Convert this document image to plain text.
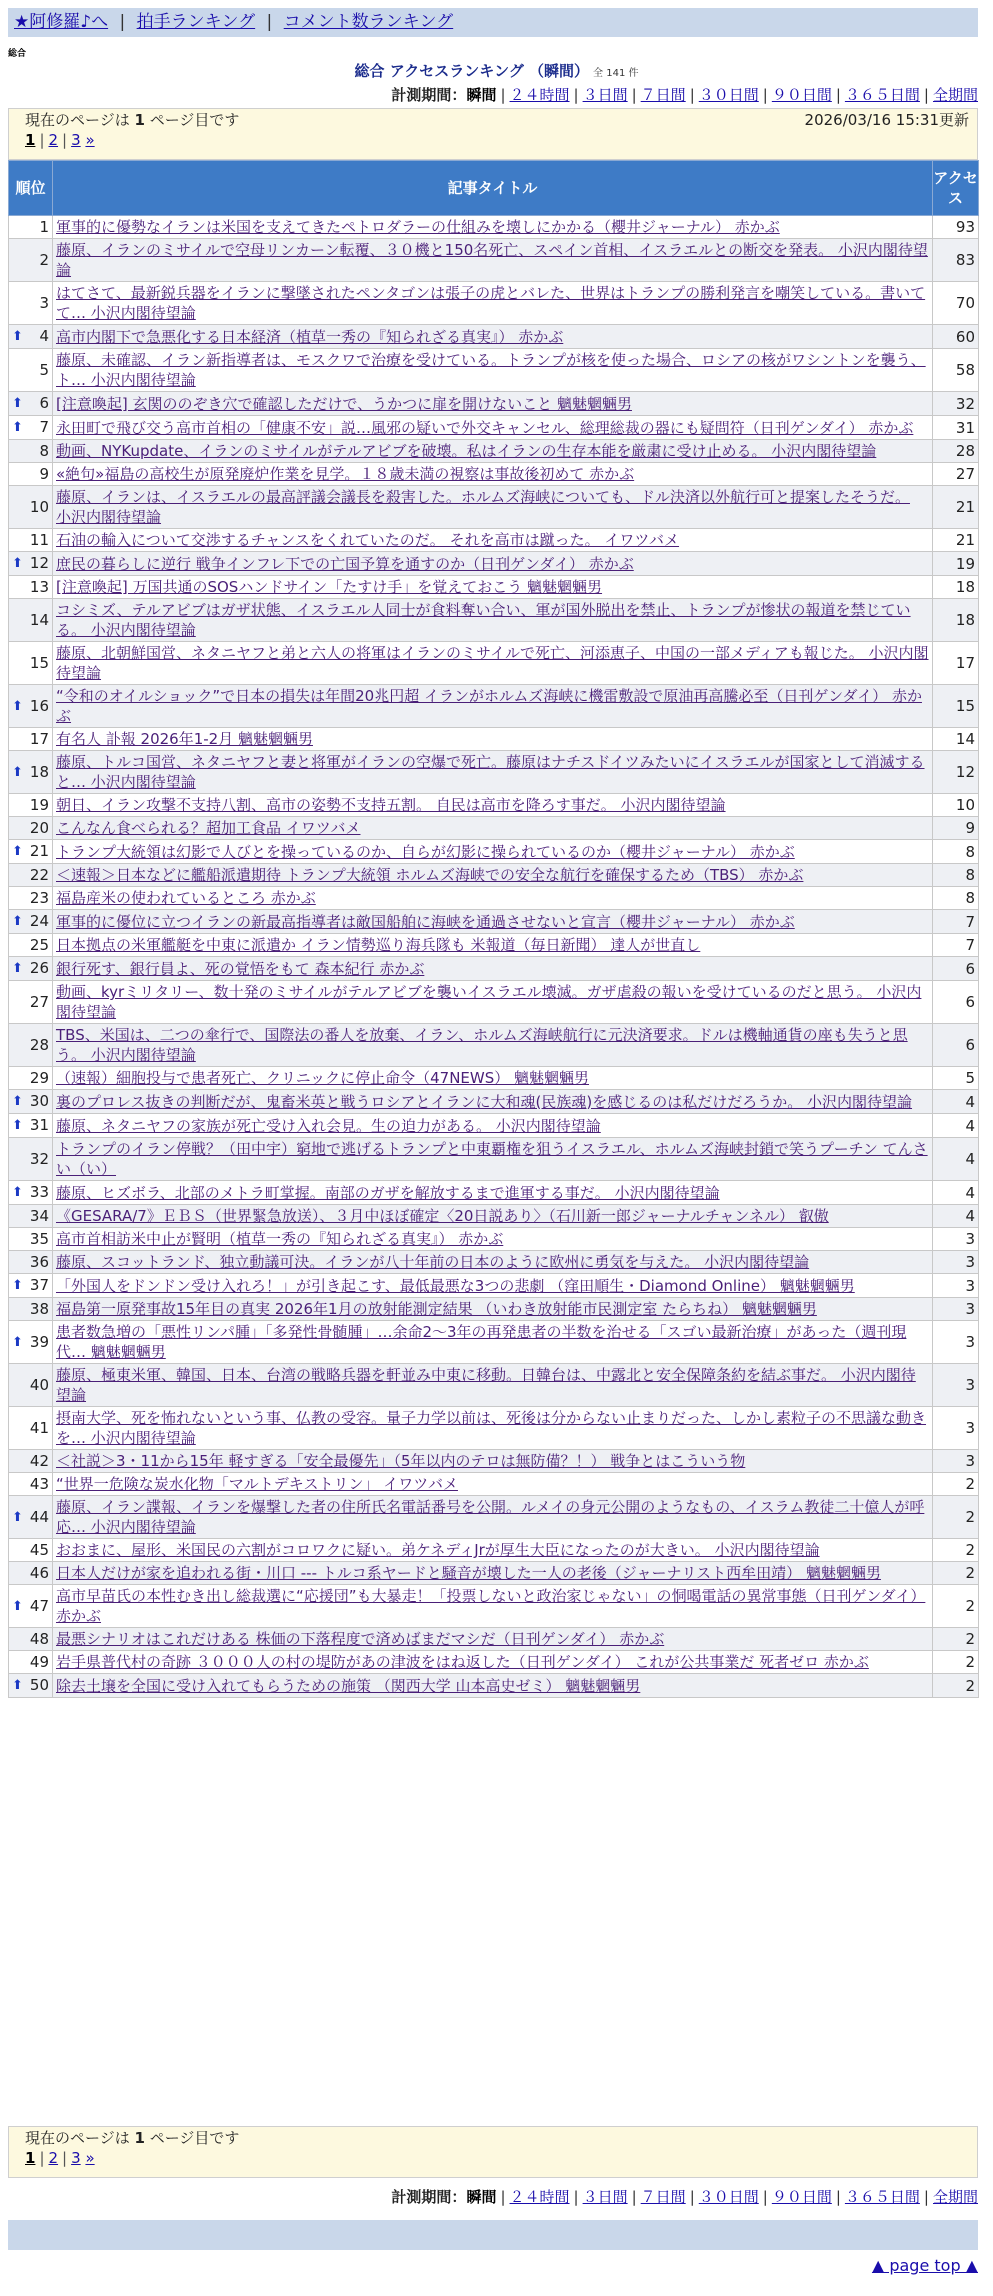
★阿修羅♪へ | 拍手ランキング | コメント数ランキング
総合
総合 アクセスランキング （瞬間） 全 141 件
計測期間：瞬間 | ２４時間 | ３日間 | ７日間 | ３０日間 | ９０日間 | ３６５日間 | 全期間
現在のページは 1 ページ目です	2026/03/16 15:31更新
1 | 2 | 3 »
順位	記事タイトル	アクセス
1	軍事的に優勢なイランは米国を支えてきたペトロダラーの仕組みを壊しにかかる（櫻井ジャーナル） 赤かぶ	93
2	藤原、イランのミサイルで空母リンカーン転覆、３０機と150名死亡、スペイン首相、イスラエルとの断交を発表。 小沢内閣待望論	83
3	はてさて、最新鋭兵器をイランに撃墜されたペンタゴンは張子の虎とバレた、世界はトランプの勝利発言を嘲笑している。書いてて… 小沢内閣待望論	70

⬆ 4	高市内閣下で急悪化する日本経済（植草一秀の『知られざる真実』） 赤かぶ	60
5	藤原、未確認、イラン新指導者は、モスクワで治療を受けている。トランプが核を使った場合、ロシアの核がワシントンを襲う、ト… 小沢内閣待望論	58

⬆ 6	[注意喚起] 玄関ののぞき穴で確認しただけで、うかつに扉を開けないこと 魑魅魍魎男	32

⬆ 7	永田町で飛び交う高市首相の「健康不安」説…風邪の疑いで外交キャンセル、総理総裁の器にも疑問符（日刊ゲンダイ） 赤かぶ	31
8	動画、NYKupdate、イランのミサイルがテルアビブを破壊。私はイランの生存本能を厳粛に受け止める。 小沢内閣待望論	28
9	«絶句»福島の高校生が原発廃炉作業を見学。１８歳未満の視察は事故後初めて 赤かぶ	27
10	藤原、イランは、イスラエルの最高評議会議長を殺害した。ホルムズ海峡についても、ドル決済以外航行可と提案したそうだ。 小沢内閣待望論	21
11	石油の輸入について交渉するチャンスをくれていたのだ。 それを高市は蹴った。 イワツバメ	21

⬆ 12	庶民の暮らしに逆行 戦争インフレ下での亡国予算を通すのか（日刊ゲンダイ） 赤かぶ	19
13	[注意喚起] 万国共通のSOSハンドサイン「たすけ手」を覚えておこう 魑魅魍魎男	18
14	コシミズ、テルアビブはガザ状態、イスラエル人同士が食料奪い合い、軍が国外脱出を禁止、トランプが惨状の報道を禁じている。 小沢内閣待望論	18
15	藤原、北朝鮮国営、ネタニヤフと弟と六人の将軍はイランのミサイルで死亡、河添恵子、中国の一部メディアも報じた。 小沢内閣待望論	17

⬆ 16	“令和のオイルショック”で日本の損失は年間20兆円超 イランがホルムズ海峡に機雷敷設で原油再高騰必至（日刊ゲンダイ） 赤かぶ	15
17	有名人 訃報 2026年1-2月 魑魅魍魎男	14

⬆ 18	藤原、トルコ国営、ネタニヤフと妻と将軍がイランの空爆で死亡。藤原はナチスドイツみたいにイスラエルが国家として消滅すると… 小沢内閣待望論	12
19	朝日、イラン攻撃不支持八割、高市の姿勢不支持五割。 自民は高市を降ろす事だ。 小沢内閣待望論	10
20	こんなん食べられる？超加工食品 イワツバメ	9

⬆ 21	トランプ大統領は幻影で人びとを操っているのか、自らが幻影に操られているのか（櫻井ジャーナル） 赤かぶ	8
22	＜速報＞日本などに艦船派遣期待 トランプ大統領 ホルムズ海峡での安全な航行を確保するため（TBS） 赤かぶ	8
23	福島産米の使われているところ 赤かぶ	8

⬆ 24	軍事的に優位に立つイランの新最高指導者は敵国船舶に海峡を通過させないと宣言（櫻井ジャーナル） 赤かぶ	7
25	日本拠点の米軍艦艇を中東に派遣か イラン情勢巡り海兵隊も 米報道（毎日新聞） 達人が世直し	7

⬆ 26	銀行死す、銀行員よ、死の覚悟をもて 森本紀行 赤かぶ	6
27	動画、kyrミリタリー、数十発のミサイルがテルアビブを襲いイスラエル壊滅。ガザ虐殺の報いを受けているのだと思う。 小沢内閣待望論	6
28	TBS、米国は、二つの傘行で、国際法の番人を放棄、イラン、ホルムズ海峡航行に元決済要求。ドルは機軸通貨の座も失うと思う。 小沢内閣待望論	6
29	（速報）細胞投与で患者死亡、クリニックに停止命令（47NEWS） 魑魅魍魎男	5

⬆ 30	裏のプロレス抜きの判断だが、鬼畜米英と戦うロシアとイランに大和魂(民族魂)を感じるのは私だけだろうか。 小沢内閣待望論	4

⬆ 31	藤原、ネタニヤフの家族が死亡受け入れ会見。生の迫力がある。 小沢内閣待望論	4
32	トランプのイラン停戦？（田中宇）窮地で逃げるトランプと中東覇権を狙うイスラエル、ホルムズ海峡封鎖で笑うプーチン てんさい（い）	4

⬆ 33	藤原、ヒズボラ、北部のメトラ町掌握。南部のガザを解放するまで進軍する事だ。 小沢内閣待望論	4
34	《GESARA/7》ＥＢＳ（世界緊急放送）、３月中ほぼ確定〈20日説あり〉（石川新一郎ジャーナルチャンネル） 叡傲	4
35	高市首相訪米中止が賢明（植草一秀の『知られざる真実』） 赤かぶ	3
36	藤原、スコットランド、独立動議可決。イランが八十年前の日本のように欧州に勇気を与えた。 小沢内閣待望論	3

⬆ 37	「外国人をドンドン受け入れろ！」が引き起こす、最低最悪な3つの悲劇 （窪田順生・Diamond Online） 魑魅魍魎男	3
38	福島第一原発事故15年目の真実 2026年1月の放射能測定結果 （いわき放射能市民測定室 たらちね） 魑魅魍魎男	3

⬆ 39	患者数急増の「悪性リンパ腫」「多発性骨髄腫」…余命2～3年の再発患者の半数を治せる「スゴい最新治療」があった（週刊現代… 魑魅魍魎男	3
40	藤原、極東米軍、韓国、日本、台湾の戦略兵器を軒並み中東に移動。日韓台は、中露北と安全保障条約を結ぶ事だ。 小沢内閣待望論	3
41	摂南大学、死を怖れないという事、仏教の受容。量子力学以前は、死後は分からない止まりだった、しかし素粒子の不思議な動きを… 小沢内閣待望論	3
42	＜社説＞3・11から15年 軽すぎる「安全最優先」（5年以内のテロは無防備？！） 戦争とはこういう物	3
43	“世界一危険な炭水化物「マルトデキストリン」 イワツバメ	2

⬆ 44	藤原、イラン諜報、イランを爆撃した者の住所氏名電話番号を公開。ルメイの身元公開のようなもの、イスラム教徒二十億人が呼応… 小沢内閣待望論	2
45	おおまに、屋形、米国民の六割がコロワクに疑い。弟ケネディJrが厚生大臣になったのが大きい。 小沢内閣待望論	2
46	日本人だけが家を追われる街・川口 --- トルコ系ヤードと騒音が壊した一人の老後（ジャーナリスト西牟田靖） 魑魅魍魎男	2

⬆ 47	高市早苗氏の本性むき出し総裁選に“応援団”も大暴走！「投票しないと政治家じゃない」の恫喝電話の異常事態（日刊ゲンダイ） 赤かぶ	2
48	最悪シナリオはこれだけある 株価の下落程度で済めばまだマシだ（日刊ゲンダイ） 赤かぶ	2
49	岩手県普代村の奇跡 ３０００人の村の堤防があの津波をはね返した（日刊ゲンダイ） これが公共事業だ 死者ゼロ 赤かぶ	2

⬆ 50	除去土壌を全国に受け入れてもらうための施策 （関西大学 山本高史ゼミ） 魑魅魍魎男	2
現在のページは 1 ページ目です
1 | 2 | 3 »
計測期間：瞬間 | ２４時間 | ３日間 | ７日間 | ３０日間 | ９０日間 | ３６５日間 | 全期間
▲ page top ▲
